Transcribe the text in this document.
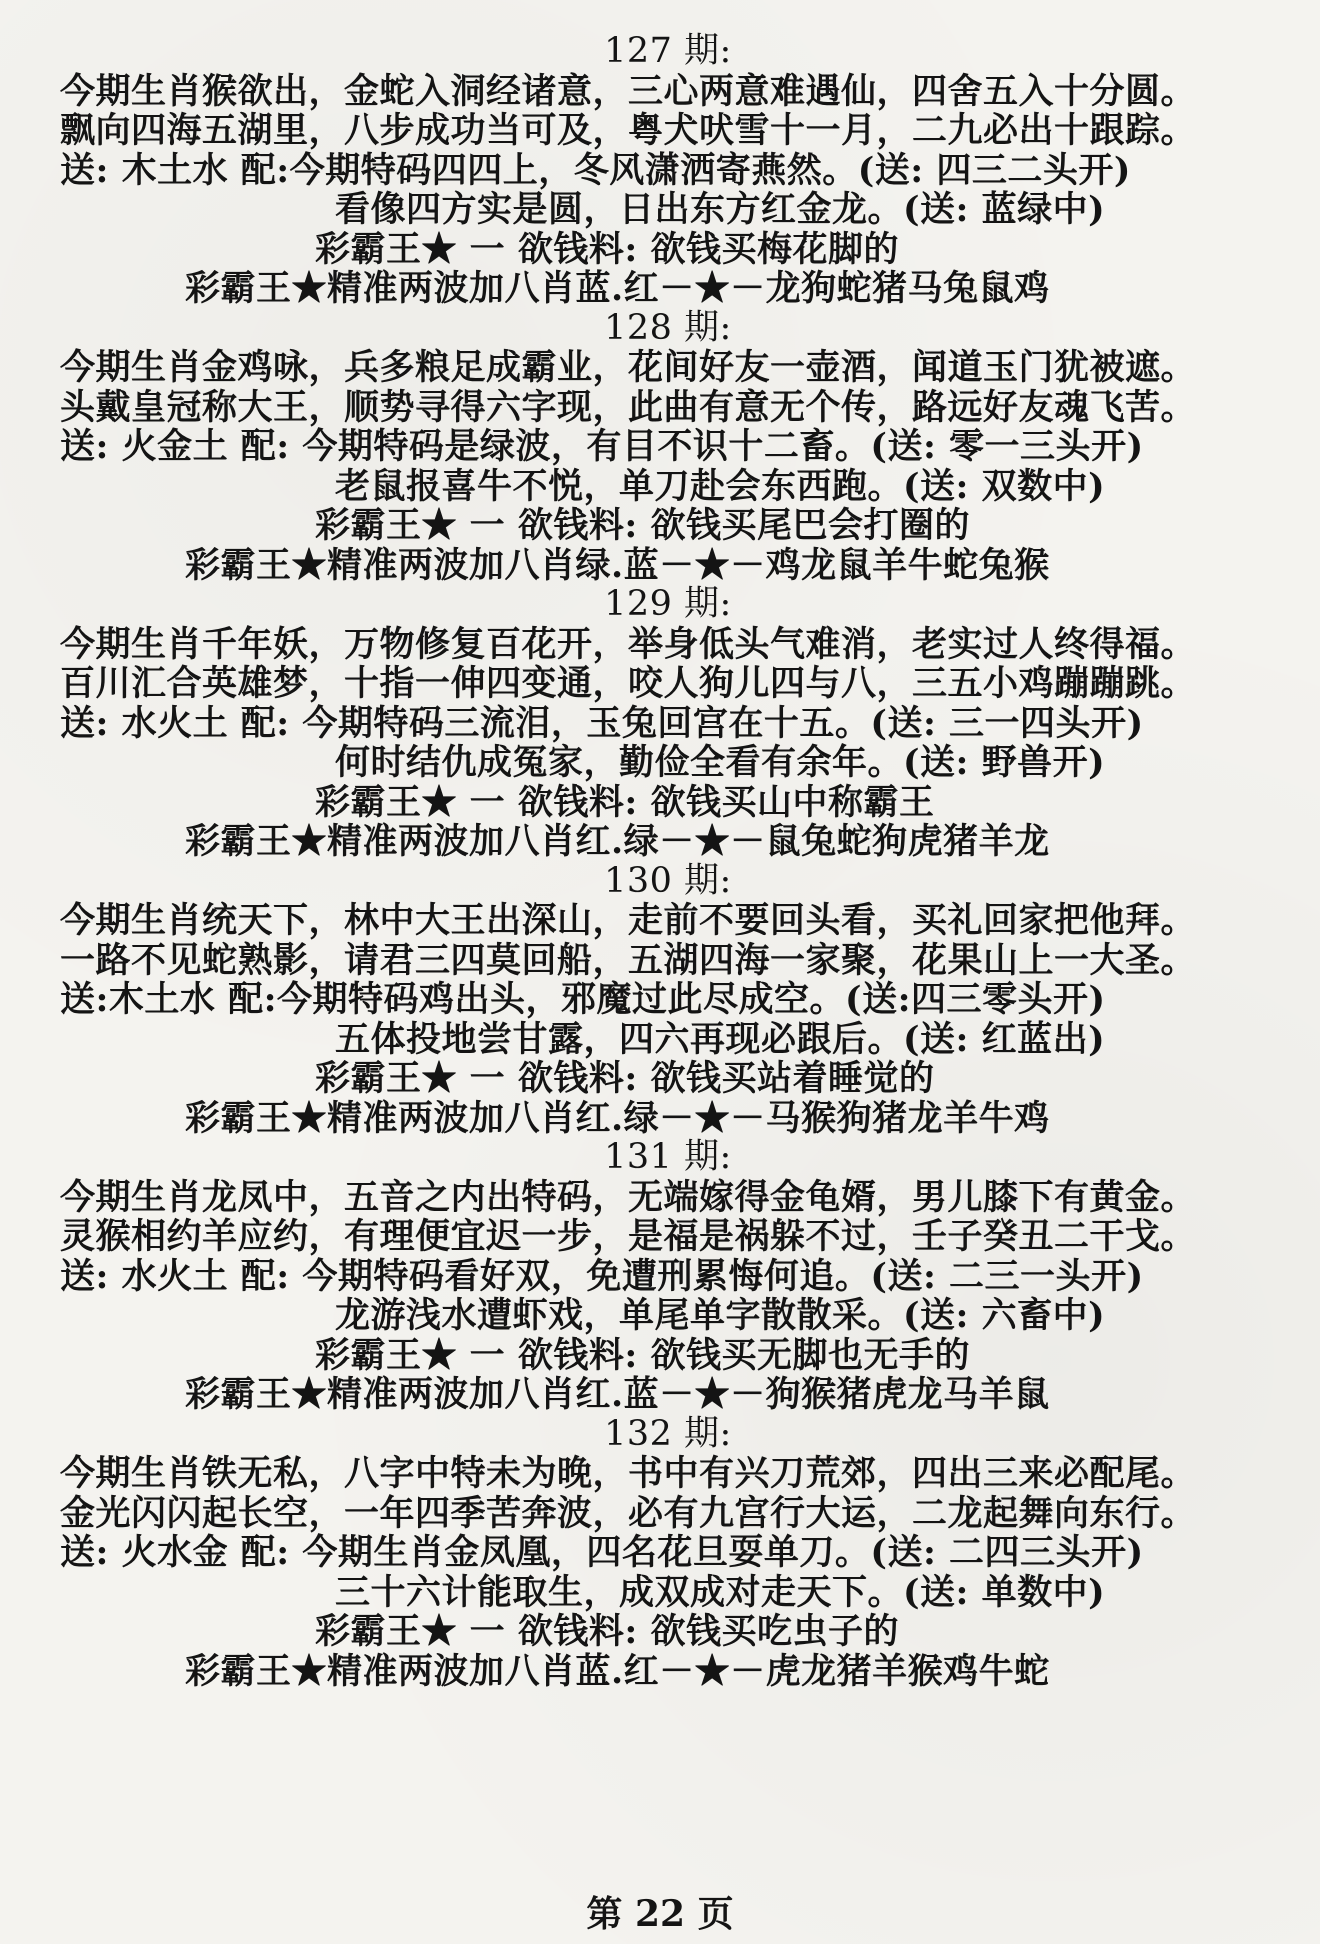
127 期:
今期生肖猴欲出，金蛇入洞经诸意，三心两意难遇仙，四舍五入十分圆。
飘向四海五湖里，八步成功当可及，粤犬吠雪十一月，二九必出十跟踪。
送: 木土水 配:今期特码四四上，冬风潇洒寄燕然。(送: 四三二头开)
看像四方实是圆，日出东方红金龙。(送: 蓝绿中)
彩霸王★ 一 欲钱料: 欲钱买梅花脚的
彩霸王★精准两波加八肖蓝.红－★－龙狗蛇猪马兔鼠鸡
128 期:
今期生肖金鸡咏，兵多粮足成霸业，花间好友一壶酒，闻道玉门犹被遮。
头戴皇冠称大王，顺势寻得六字现，此曲有意无个传，路远好友魂飞苦。
送: 火金土 配: 今期特码是绿波，有目不识十二畜。(送: 零一三头开)
老鼠报喜牛不悦，单刀赴会东西跑。(送: 双数中)
彩霸王★ 一 欲钱料: 欲钱买尾巴会打圈的
彩霸王★精准两波加八肖绿.蓝－★－鸡龙鼠羊牛蛇兔猴
129 期:
今期生肖千年妖，万物修复百花开，举身低头气难消，老实过人终得福。
百川汇合英雄梦，十指一伸四变通，咬人狗儿四与八，三五小鸡蹦蹦跳。
送: 水火土 配: 今期特码三流泪，玉兔回宫在十五。(送: 三一四头开)
何时结仇成冤家，勤俭全看有余年。(送: 野兽开)
彩霸王★ 一 欲钱料: 欲钱买山中称霸王
彩霸王★精准两波加八肖红.绿－★－鼠兔蛇狗虎猪羊龙
130 期:
今期生肖统天下，林中大王出深山，走前不要回头看，买礼回家把他拜。
一路不见蛇熟影，请君三四莫回船，五湖四海一家聚，花果山上一大圣。
送:木土水 配:今期特码鸡出头，邪魔过此尽成空。(送:四三零头开)
五体投地尝甘露，四六再现必跟后。(送: 红蓝出)
彩霸王★ 一 欲钱料: 欲钱买站着睡觉的
彩霸王★精准两波加八肖红.绿－★－马猴狗猪龙羊牛鸡
131 期:
今期生肖龙凤中，五音之内出特码，无端嫁得金龟婿，男儿膝下有黄金。
灵猴相约羊应约，有理便宜迟一步，是福是祸躲不过，壬子癸丑二干戈。
送: 水火土 配: 今期特码看好双，免遭刑累悔何追。(送: 二三一头开)
龙游浅水遭虾戏，单尾单字散散采。(送: 六畜中)
彩霸王★ 一 欲钱料: 欲钱买无脚也无手的
彩霸王★精准两波加八肖红.蓝－★－狗猴猪虎龙马羊鼠
132 期:
今期生肖铁无私，八字中特未为晚，书中有兴刀荒郊，四出三来必配尾。
金光闪闪起长空，一年四季苦奔波，必有九宫行大运，二龙起舞向东行。
送: 火水金 配: 今期生肖金凤凰，四名花旦耍单刀。(送: 二四三头开)
三十六计能取生，成双成对走天下。(送: 单数中)
彩霸王★ 一 欲钱料: 欲钱买吃虫子的
彩霸王★精准两波加八肖蓝.红－★－虎龙猪羊猴鸡牛蛇
第 22 页
